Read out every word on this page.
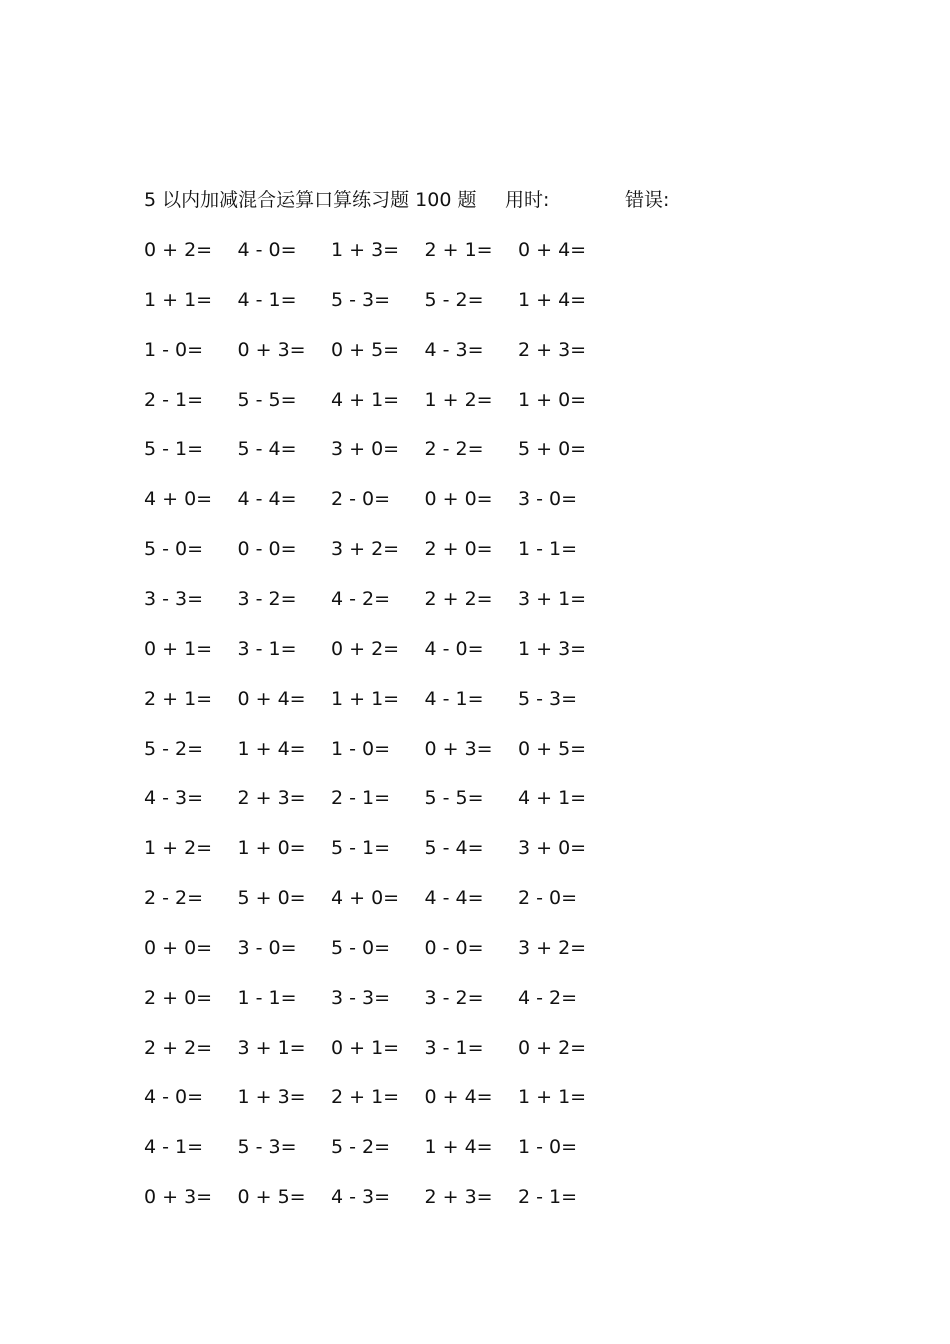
5 以内加减混合运算口算练习题 100 题 用时:	错误:
0 + 2= 4 - 0= 1 + 3= 2 + 1= 0 + 4=
1 + 1= 4 - 1= 5 - 3= 5 - 2= 1 + 4=
1 - 0= 0 + 3= 0 + 5= 4 - 3= 2 + 3=
2 - 1= 5 - 5= 4 + 1= 1 + 2= 1 + 0=
5 - 1= 5 - 4= 3 + 0= 2 - 2= 5 + 0=
4 + 0= 4 - 4= 2 - 0= 0 + 0= 3 - 0=
5 - 0= 0 - 0= 3 + 2= 2 + 0= 1 - 1=
3 - 3= 3 - 2= 4 - 2= 2 + 2= 3 + 1=
0 + 1= 3 - 1= 0 + 2= 4 - 0= 1 + 3=
2 + 1= 0 + 4= 1 + 1= 4 - 1= 5 - 3=
5 - 2= 1 + 4= 1 - 0= 0 + 3= 0 + 5=
4 - 3= 2 + 3= 2 - 1= 5 - 5= 4 + 1=
1 + 2= 1 + 0= 5 - 1= 5 - 4= 3 + 0=
2 - 2= 5 + 0= 4 + 0= 4 - 4= 2 - 0=
0 + 0= 3 - 0= 5 - 0= 0 - 0= 3 + 2=
2 + 0= 1 - 1= 3 - 3= 3 - 2= 4 - 2=
2 + 2= 3 + 1= 0 + 1= 3 - 1= 0 + 2=
4 - 0= 1 + 3= 2 + 1= 0 + 4= 1 + 1=
4 - 1= 5 - 3= 5 - 2= 1 + 4= 1 - 0=
0 + 3= 0 + 5= 4 - 3= 2 + 3= 2 - 1=
